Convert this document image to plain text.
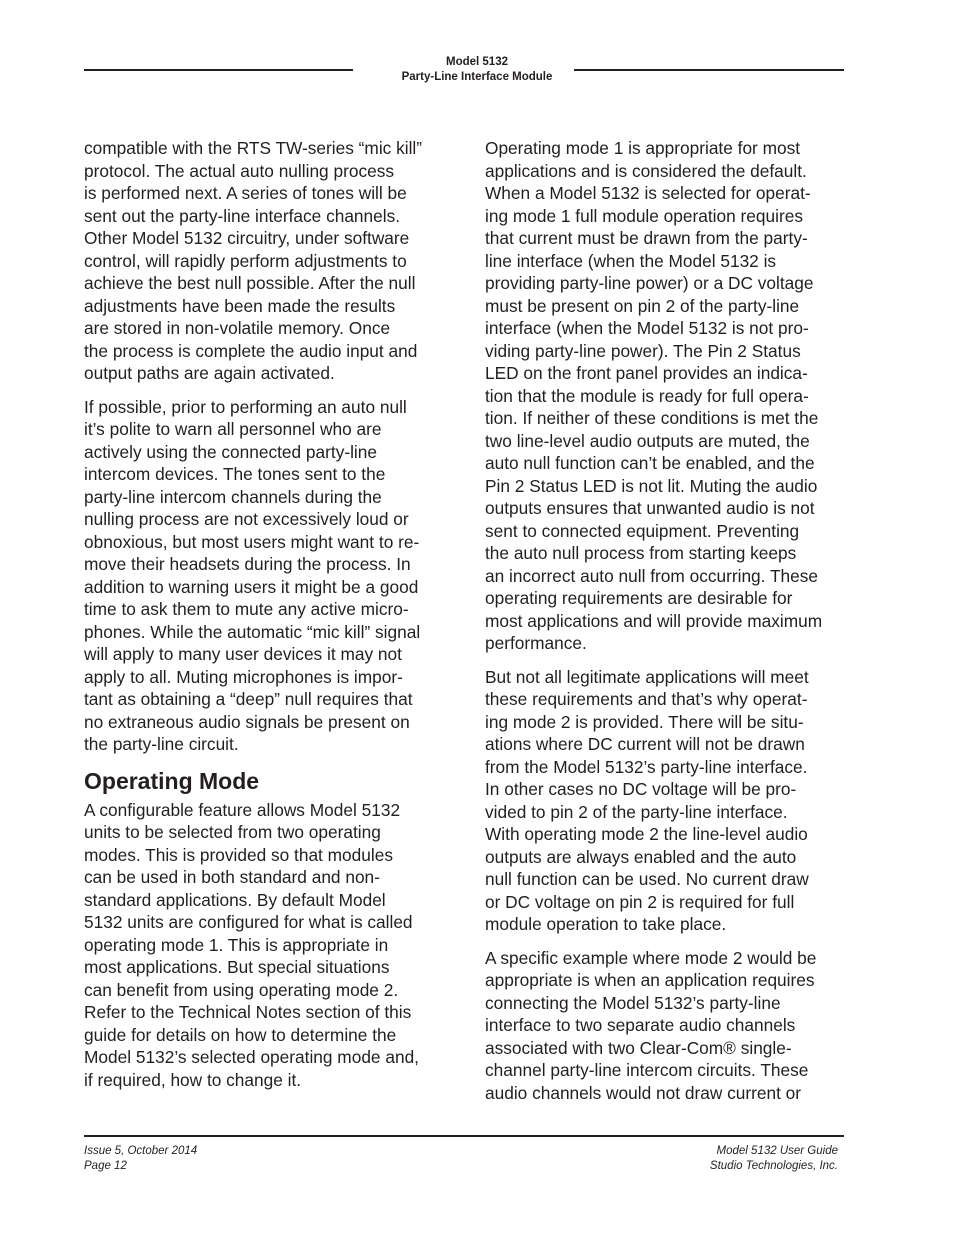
Model 5132
Party-Line Interface Module

compatible with the RTS TW-series “mic kill”
protocol. The actual auto nulling process
is performed next. A series of tones will be
sent out the party-line interface channels.
Other Model 5132 circuitry, under software
control, will rapidly perform adjustments to
achieve the best null possible. After the null
adjustments have been made the results
are stored in non-volatile memory. Once
the process is complete the audio input and
output paths are again activated.

If possible, prior to performing an auto null
it’s polite to warn all personnel who are
actively using the connected party-line
intercom devices. The tones sent to the
party-line intercom channels during the
nulling process are not excessively loud or
obnoxious, but most users might want to re-
move their headsets during the process. In
addition to warning users it might be a good
time to ask them to mute any active micro-
phones. While the automatic “mic kill” signal
will apply to many user devices it may not
apply to all. Muting microphones is impor-
tant as obtaining a “deep” null requires that
no extraneous audio signals be present on
the party-line circuit.

Operating Mode

A configurable feature allows Model 5132
units to be selected from two operating
modes. This is provided so that modules
can be used in both standard and non-
standard applications. By default Model
5132 units are configured for what is called
operating mode 1. This is appropriate in
most applications. But special situations
can benefit from using operating mode 2.
Refer to the Technical Notes section of this
guide for details on how to determine the
Model 5132’s selected operating mode and,
if required, how to change it.

Operating mode 1 is appropriate for most
applications and is considered the default.
When a Model 5132 is selected for operat-
ing mode 1 full module operation requires
that current must be drawn from the party-
line interface (when the Model 5132 is
providing party-line power) or a DC voltage
must be present on pin 2 of the party-line
interface (when the Model 5132 is not pro-
viding party-line power). The Pin 2 Status
LED on the front panel provides an indica-
tion that the module is ready for full opera-
tion. If neither of these conditions is met the
two line-level audio outputs are muted, the
auto null function can’t be enabled, and the
Pin 2 Status LED is not lit. Muting the audio
outputs ensures that unwanted audio is not
sent to connected equipment. Preventing
the auto null process from starting keeps
an incorrect auto null from occurring. These
operating requirements are desirable for
most applications and will provide maximum
performance.

But not all legitimate applications will meet
these requirements and that’s why operat-
ing mode 2 is provided. There will be situ-
ations where DC current will not be drawn
from the Model 5132’s party-line interface.
In other cases no DC voltage will be pro-
vided to pin 2 of the party-line interface.
With operating mode 2 the line-level audio
outputs are always enabled and the auto
null function can be used. No current draw
or DC voltage on pin 2 is required for full
module operation to take place.

A specific example where mode 2 would be
appropriate is when an application requires
connecting the Model 5132’s party-line
interface to two separate audio channels
associated with two Clear-Com® single-
channel party-line intercom circuits. These
audio channels would not draw current or

Issue 5, October 2014
Page 12
Model 5132 User Guide
Studio Technologies, Inc.
